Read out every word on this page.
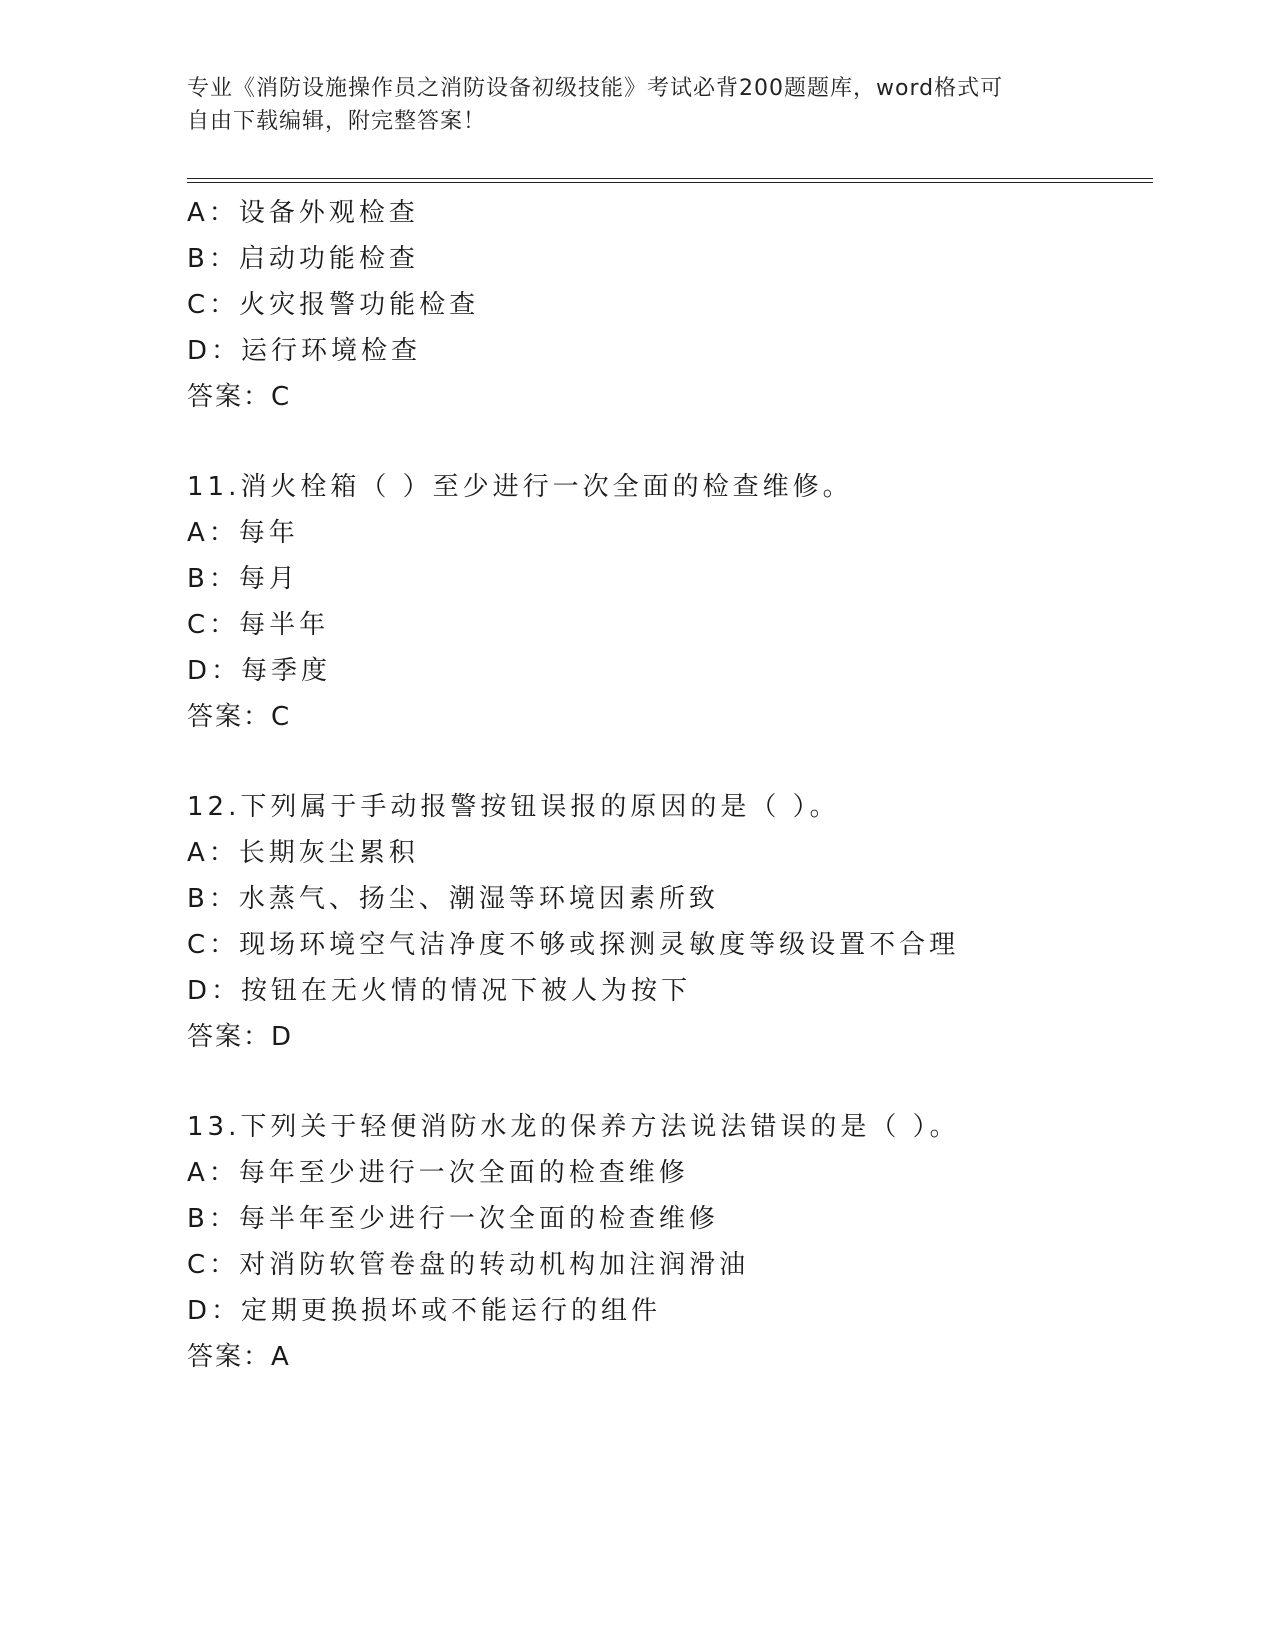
专业《消防设施操作员之消防设备初级技能》考试必背200题题库，word格式可
自由下载编辑，附完整答案！
A：设备外观检查
B：启动功能检查
C：火灾报警功能检查
D：运行环境检查
答案：C
11.消火栓箱（ ）至少进行一次全面的检查维修。
A：每年
B：每月
C：每半年
D：每季度
答案：C
12.下列属于手动报警按钮误报的原因的是（ ）。
A：长期灰尘累积
B：水蒸气、扬尘、潮湿等环境因素所致
C：现场环境空气洁净度不够或探测灵敏度等级设置不合理
D：按钮在无火情的情况下被人为按下
答案：D
13.下列关于轻便消防水龙的保养方法说法错误的是（ ）。
A：每年至少进行一次全面的检查维修
B：每半年至少进行一次全面的检查维修
C：对消防软管卷盘的转动机构加注润滑油
D：定期更换损坏或不能运行的组件
答案：A
